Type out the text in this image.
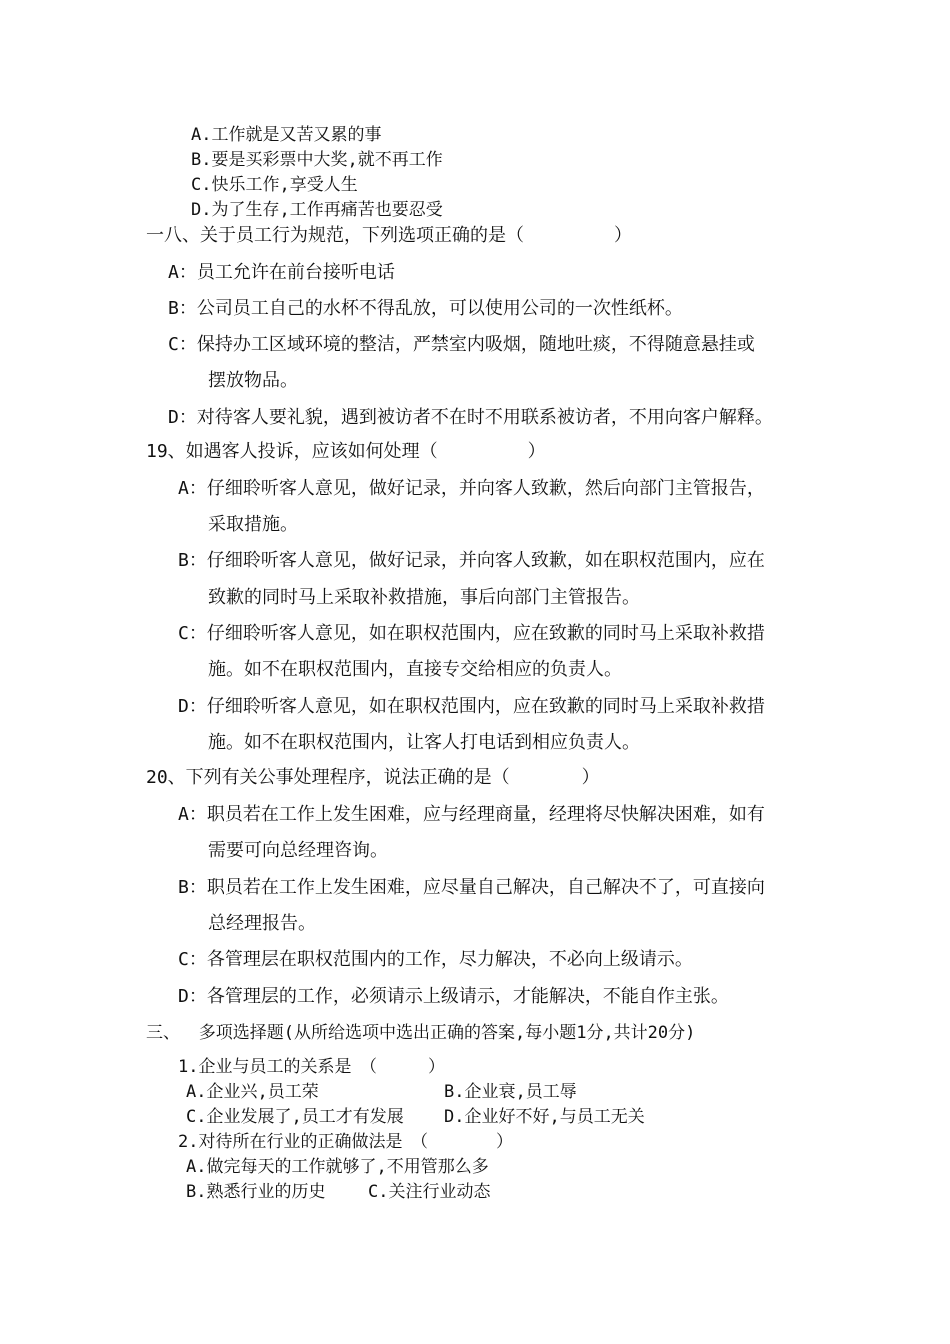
A.工作就是又苦又累的事
B.要是买彩票中大奖,就不再工作
C.快乐工作,享受人生
D.为了生存,工作再痛苦也要忍受
一八、关于员工行为规范，下列选项正确的是（　　　　　）
A：员工允许在前台接听电话
B：公司员工自己的水杯不得乱放，可以使用公司的一次性纸杯。
C：保持办工区域环境的整洁，严禁室内吸烟，随地吐痰，不得随意悬挂或
摆放物品。
D：对待客人要礼貌，遇到被访者不在时不用联系被访者，不用向客户解释。
19、如遇客人投诉，应该如何处理（　　　　　）
A：仔细聆听客人意见，做好记录，并向客人致歉，然后向部门主管报告，
采取措施。
B：仔细聆听客人意见，做好记录，并向客人致歉，如在职权范围内，应在
致歉的同时马上采取补救措施，事后向部门主管报告。
C：仔细聆听客人意见，如在职权范围内，应在致歉的同时马上采取补救措
施。如不在职权范围内，直接专交给相应的负责人。
D：仔细聆听客人意见，如在职权范围内，应在致歉的同时马上采取补救措
施。如不在职权范围内，让客人打电话到相应负责人。
20、下列有关公事处理程序，说法正确的是（　　　　）
A：职员若在工作上发生困难，应与经理商量，经理将尽快解决困难，如有
需要可向总经理咨询。
B：职员若在工作上发生困难，应尽量自己解决，自己解决不了，可直接向
总经理报告。
C：各管理层在职权范围内的工作，尽力解决，不必向上级请示。
D：各管理层的工作，必须请示上级请示，才能解决，不能自作主张。
三、　 多项选择题(从所给选项中选出正确的答案,每小题1分,共计20分)
1.企业与员工的关系是　（　　　）
A.企业兴,员工荣	B.企业衰,员工辱
C.企业发展了,员工才有发展 D.企业好不好,与员工无关
2.对待所在行业的正确做法是　（　　　　）
A.做完每天的工作就够了,不用管那么多
B.熟悉行业的历史	C.关注行业动态
